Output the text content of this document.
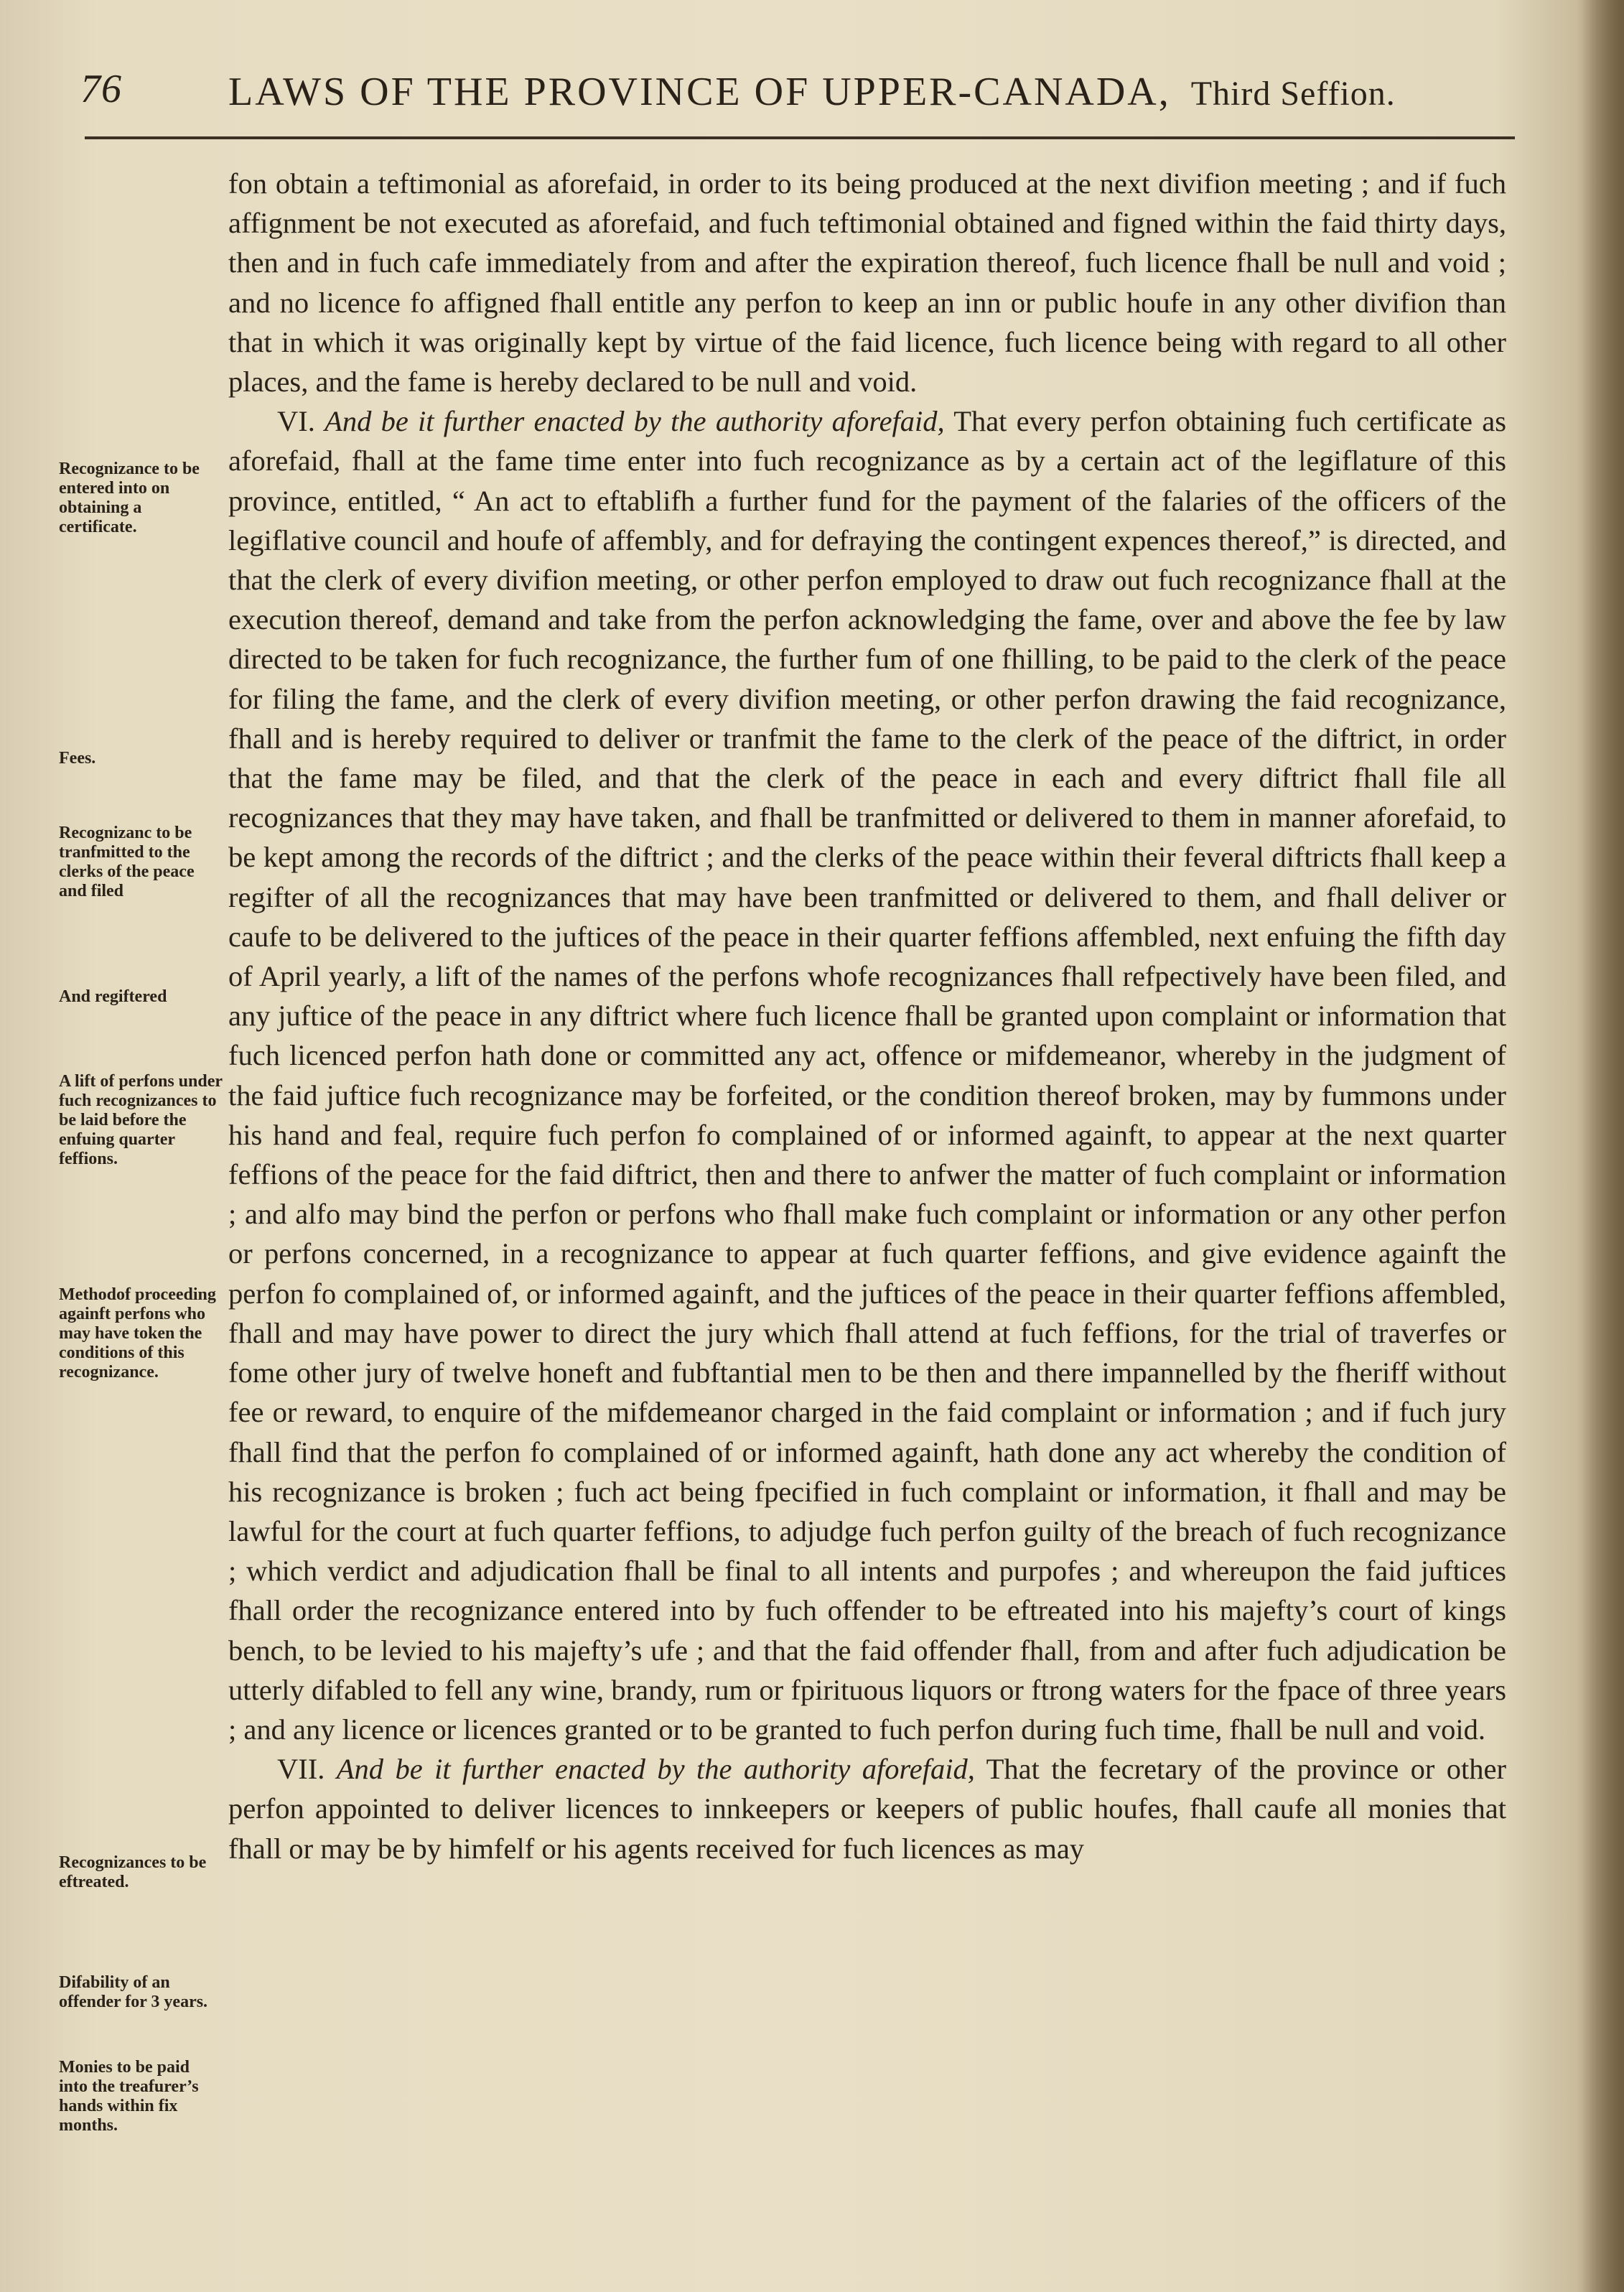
76	LAWS OF THE PROVINCE OF UPPER-CANADA, Third Seffion.

fon obtain a teftimonial as aforefaid, in order to its being produced at the next divifion meeting ; and if fuch affignment be not executed as aforefaid, and fuch teftimonial obtained and figned within the faid thirty days, then and in fuch cafe immediately from and after the expiration thereof, fuch licence fhall be null and void ; and no licence fo affigned fhall entitle any perfon to keep an inn or public houfe in any other divifion than that in which it was originally kept by virtue of the faid licence, fuch licence being with regard to all other places, and the fame is hereby declared to be null and void.

VI. And be it further enacted by the authority aforefaid, That every perfon obtaining fuch certificate as aforefaid, fhall at the fame time enter into fuch recognizance as by a certain act of the legiflature of this province, entitled, “ An act to eftablifh a further fund for the payment of the falaries of the officers of the legiflative council and houfe of affembly, and for defraying the contingent expences thereof,” is directed, and that the clerk of every divifion meeting, or other perfon employed to draw out fuch recognizance fhall at the execution thereof, demand and take from the perfon acknowledging the fame, over and above the fee by law directed to be taken for fuch recognizance, the further fum of one fhilling, to be paid to the clerk of the peace for filing the fame, and the clerk of every divifion meeting, or other perfon drawing the faid recognizance, fhall and is hereby required to deliver or tranfmit the fame to the clerk of the peace of the diftrict, in order that the fame may be filed, and that the clerk of the peace in each and every diftrict fhall file all recognizances that they may have taken, and fhall be tranfmitted or delivered to them in manner aforefaid, to be kept among the records of the diftrict ; and the clerks of the peace within their feveral diftricts fhall keep a regifter of all the recognizances that may have been tranfmitted or delivered to them, and fhall deliver or caufe to be delivered to the juftices of the peace in their quarter feffions affembled, next enfuing the fifth day of April yearly, a lift of the names of the perfons whofe recognizances fhall refpectively have been filed, and any juftice of the peace in any diftrict where fuch licence fhall be granted upon complaint or information that fuch licenced perfon hath done or committed any act, offence or mifdemeanor, whereby in the judgment of the faid juftice fuch recognizance may be forfeited, or the condition thereof broken, may by fummons under his hand and feal, require fuch perfon fo complained of or informed againft, to appear at the next quarter feffions of the peace for the faid diftrict, then and there to anfwer the matter of fuch complaint or information ; and alfo may bind the perfon or perfons who fhall make fuch complaint or information or any other perfon or perfons concerned, in a recognizance to appear at fuch quarter feffions, and give evidence againft the perfon fo complained of, or informed againft, and the juftices of the peace in their quarter feffions affembled, fhall and may have power to direct the jury which fhall attend at fuch feffions, for the trial of traverfes or fome other jury of twelve honeft and fubftantial men to be then and there impannelled by the fheriff without fee or reward, to enquire of the mifdemeanor charged in the faid complaint or information ; and if fuch jury fhall find that the perfon fo complained of or informed againft, hath done any act whereby the condition of his recognizance is broken ; fuch act being fpecified in fuch complaint or information, it fhall and may be lawful for the court at fuch quarter feffions, to adjudge fuch perfon guilty of the breach of fuch recognizance ; which verdict and adjudication fhall be final to all intents and purpofes ; and whereupon the faid juftices fhall order the recognizance entered into by fuch offender to be eftreated into his majefty’s court of kings bench, to be levied to his majefty’s ufe ; and that the faid offender fhall, from and after fuch adjudication be utterly difabled to fell any wine, brandy, rum or fpirituous liquors or ftrong waters for the fpace of three years ; and any licence or licences granted or to be granted to fuch perfon during fuch time, fhall be null and void.

VII. And be it further enacted by the authority aforefaid, That the fecretary of the province or other perfon appointed to deliver licences to innkeepers or keepers of public houfes, fhall caufe all monies that fhall or may be by himfelf or his agents received for fuch licences as may

Recognizance to be entered into on obtaining a certificate.
Fees.
Recognizanc to be tranfmitted to the clerks of the peace and filed
And regiftered
A lift of perfons under fuch recognizances to be laid before the enfuing quarter feffions.
Methodof proceeding againft perfons who may have token the conditions of this recognizance.
Recognizances to be eftreated.
Difability of an offender for 3 years.
Monies to be paid into the treafurer’s hands within fix months.
